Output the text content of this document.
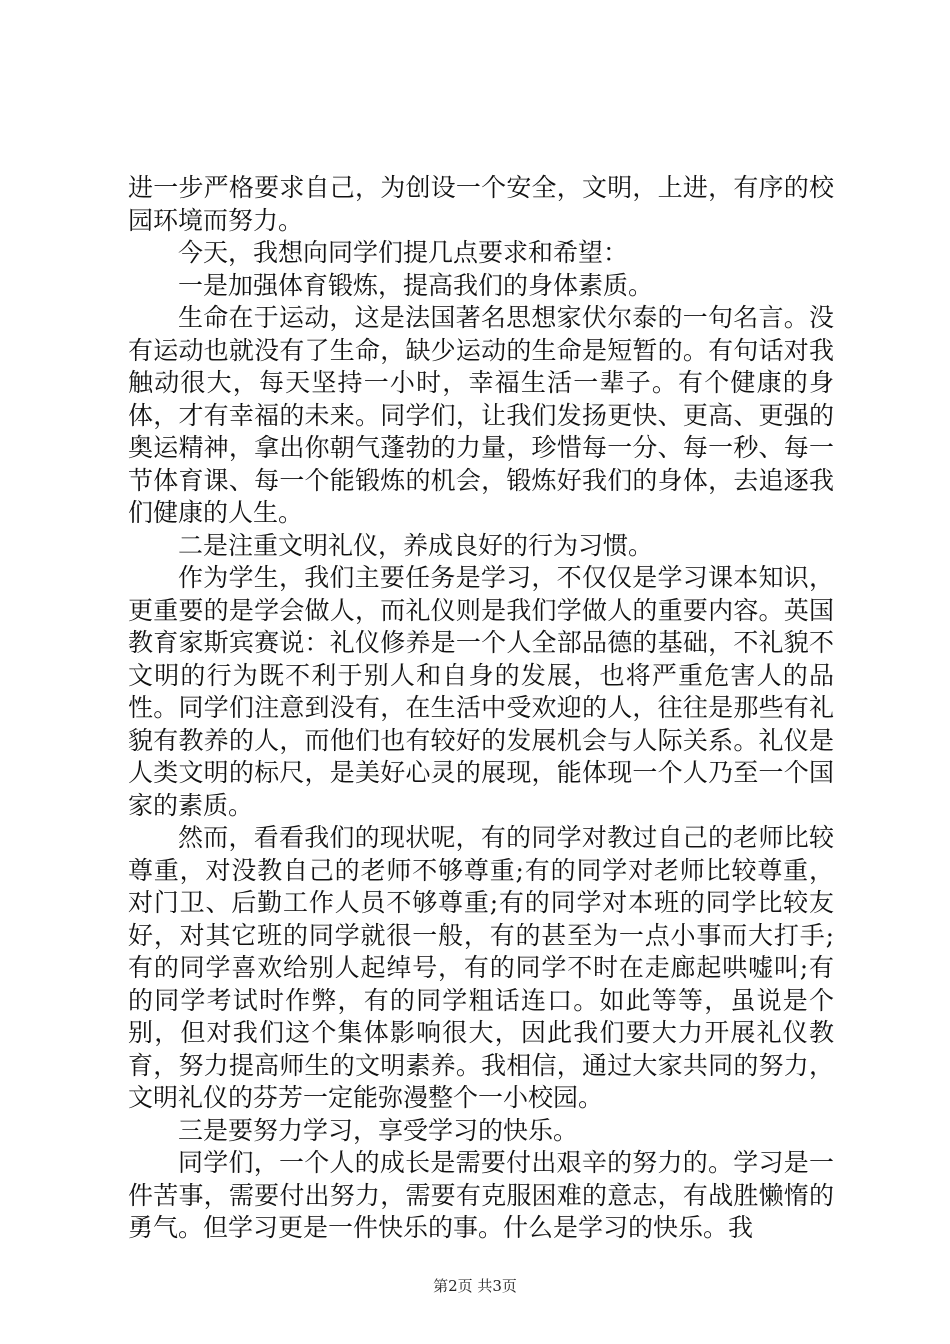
进一步严格要求自己，为创设一个安全，文明，上进，有序的校园环境而努力。

今天，我想向同学们提几点要求和希望：

一是加强体育锻炼，提高我们的身体素质。

生命在于运动，这是法国著名思想家伏尔泰的一句名言。没有运动也就没有了生命，缺少运动的生命是短暂的。有句话对我触动很大，每天坚持一小时，幸福生活一辈子。有个健康的身体，才有幸福的未来。同学们，让我们发扬更快、更高、更强的奥运精神，拿出你朝气蓬勃的力量，珍惜每一分、每一秒、每一节体育课、每一个能锻炼的机会，锻炼好我们的身体，去追逐我们健康的人生。

二是注重文明礼仪，养成良好的行为习惯。

作为学生，我们主要任务是学习，不仅仅是学习课本知识，更重要的是学会做人，而礼仪则是我们学做人的重要内容。英国教育家斯宾赛说：礼仪修养是一个人全部品德的基础，不礼貌不文明的行为既不利于别人和自身的发展，也将严重危害人的品性。同学们注意到没有，在生活中受欢迎的人，往往是那些有礼貌有教养的人，而他们也有较好的发展机会与人际关系。礼仪是人类文明的标尺，是美好心灵的展现，能体现一个人乃至一个国家的素质。

然而，看看我们的现状呢，有的同学对教过自己的老师比较尊重，对没教自己的老师不够尊重;有的同学对老师比较尊重，对门卫、后勤工作人员不够尊重;有的同学对本班的同学比较友好，对其它班的同学就很一般，有的甚至为一点小事而大打手;有的同学喜欢给别人起绰号，有的同学不时在走廊起哄嘘叫;有的同学考试时作弊，有的同学粗话连口。如此等等，虽说是个别，但对我们这个集体影响很大，因此我们要大力开展礼仪教育，努力提高师生的文明素养。我相信，通过大家共同的努力，文明礼仪的芬芳一定能弥漫整个一小校园。

三是要努力学习，享受学习的快乐。

同学们，一个人的成长是需要付出艰辛的努力的。学习是一件苦事，需要付出努力，需要有克服困难的意志，有战胜懒惰的勇气。但学习更是一件快乐的事。什么是学习的快乐。我

第2页 共3页
